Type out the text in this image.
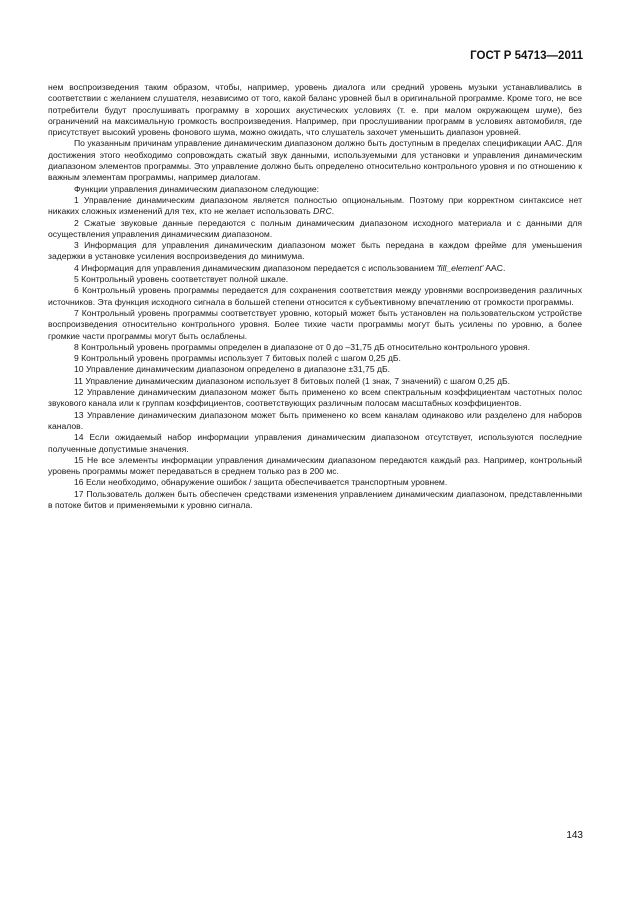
ГОСТ Р 54713—2011

нем воспроизведения таким образом, чтобы, например, уровень диалога или средний уровень музыки устанавливались в соответствии с желанием слушателя, независимо от того, какой баланс уровней был в оригинальной программе. Кроме того, не все потребители будут прослушивать программу в хороших акустических условиях (т. е. при малом окружающем шуме), без ограничений на максимальную громкость воспроизведения. Например, при прослушивании программ в условиях автомобиля, где присутствует высокий уровень фонового шума, можно ожидать, что слушатель захочет уменьшить диапазон уровней.

По указанным причинам управление динамическим диапазоном должно быть доступным в пределах спецификации AAC. Для достижения этого необходимо сопровождать сжатый звук данными, используемыми для установки и управления динамическим диапазоном элементов программы. Это управление должно быть определено относительно контрольного уровня и по отношению к важным элементам программы, например диалогам.

Функции управления динамическим диапазоном следующие:

1 Управление динамическим диапазоном является полностью опциональным. Поэтому при корректном синтаксисе нет никаких сложных изменений для тех, кто не желает использовать DRC.

2 Сжатые звуковые данные передаются с полным динамическим диапазоном исходного материала и с данными для осуществления управления динамическим диапазоном.

3 Информация для управления динамическим диапазоном может быть передана в каждом фрейме для уменьшения задержки в установке усиления воспроизведения до минимума.

4 Информация для управления динамическим диапазоном передается с использованием 'fill_element' AAC.

5 Контрольный уровень соответствует полной шкале.

6 Контрольный уровень программы передается для сохранения соответствия между уровнями воспроизведения различных источников. Эта функция исходного сигнала в большей степени относится к субъективному впечатлению от громкости программы.

7 Контрольный уровень программы соответствует уровню, который может быть установлен на пользовательском устройстве воспроизведения относительно контрольного уровня. Более тихие части программы могут быть усилены по уровню, а более громкие части программы могут быть ослаблены.

8 Контрольный уровень программы определен в диапазоне от 0 до –31,75 дБ относительно контрольного уровня.

9 Контрольный уровень программы использует 7 битовых полей с шагом 0,25 дБ.

10 Управление динамическим диапазоном определено в диапазоне ±31,75 дБ.

11 Управление динамическим диапазоном использует 8 битовых полей (1 знак, 7 значений) с шагом 0,25 дБ.

12 Управление динамическим диапазоном может быть применено ко всем спектральным коэффициентам частотных полос звукового канала или к группам коэффициентов, соответствующих различным полосам масштабных коэффициентов.

13 Управление динамическим диапазоном может быть применено ко всем каналам одинаково или разделено для наборов каналов.

14 Если ожидаемый набор информации управления динамическим диапазоном отсутствует, используются последние полученные допустимые значения.

15 Не все элементы информации управления динамическим диапазоном передаются каждый раз. Например, контрольный уровень программы может передаваться в среднем только раз в 200 мс.

16 Если необходимо, обнаружение ошибок / защита обеспечивается транспортным уровнем.

17 Пользователь должен быть обеспечен средствами изменения управлением динамическим диапазоном, представленными в потоке битов и применяемыми к уровню сигнала.

143
